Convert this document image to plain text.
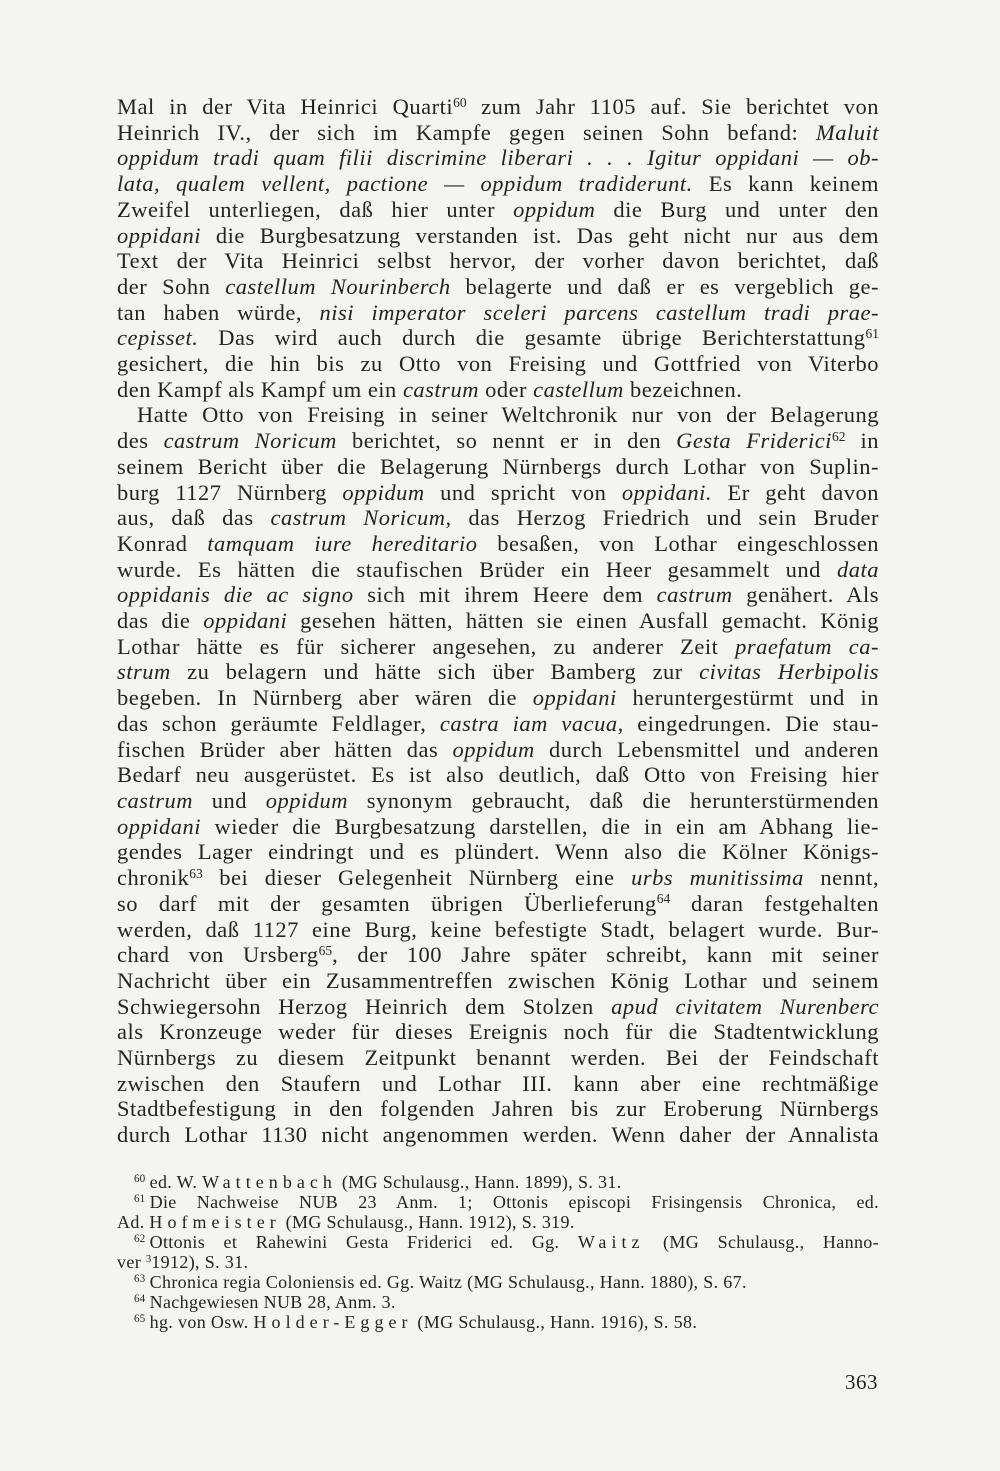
Mal in der Vita Heinrici Quarti$^{60}$ zum Jahr 1105 auf. Sie berichtet von
Heinrich IV., der sich im Kampfe gegen seinen Sohn befand: Maluit
oppidum tradi quam filii discrimine liberari . . . Igitur oppidani — ob-
lata, qualem vellent, pactione — oppidum tradiderunt. Es kann keinem
Zweifel unterliegen, daß hier unter oppidum die Burg und unter den
oppidani die Burgbesatzung verstanden ist. Das geht nicht nur aus dem
Text der Vita Heinrici selbst hervor, der vorher davon berichtet, daß
der Sohn castellum Nourinberch belagerte und daß er es vergeblich ge-
tan haben würde, nisi imperator sceleri parcens castellum tradi prae-
cepisset. Das wird auch durch die gesamte übrige Berichterstattung$^{61}$
gesichert, die hin bis zu Otto von Freising und Gottfried von Viterbo
den Kampf als Kampf um ein castrum oder castellum bezeichnen.
Hatte Otto von Freising in seiner Weltchronik nur von der Belagerung
des castrum Noricum berichtet, so nennt er in den Gesta Friderici$^{62}$ in
seinem Bericht über die Belagerung Nürnbergs durch Lothar von Suplin-
burg 1127 Nürnberg oppidum und spricht von oppidani. Er geht davon
aus, daß das castrum Noricum, das Herzog Friedrich und sein Bruder
Konrad tamquam iure hereditario besaßen, von Lothar eingeschlossen
wurde. Es hätten die staufischen Brüder ein Heer gesammelt und data
oppidanis die ac signo sich mit ihrem Heere dem castrum genähert. Als
das die oppidani gesehen hätten, hätten sie einen Ausfall gemacht. König
Lothar hätte es für sicherer angesehen, zu anderer Zeit praefatum ca-
strum zu belagern und hätte sich über Bamberg zur civitas Herbipolis
begeben. In Nürnberg aber wären die oppidani heruntergestürmt und in
das schon geräumte Feldlager, castra iam vacua, eingedrungen. Die stau-
fischen Brüder aber hätten das oppidum durch Lebensmittel und anderen
Bedarf neu ausgerüstet. Es ist also deutlich, daß Otto von Freising hier
castrum und oppidum synonym gebraucht, daß die herunterstürmenden
oppidani wieder die Burgbesatzung darstellen, die in ein am Abhang lie-
gendes Lager eindringt und es plündert. Wenn also die Kölner Königs-
chronik$^{63}$ bei dieser Gelegenheit Nürnberg eine urbs munitissima nennt,
so darf mit der gesamten übrigen Überlieferung$^{64}$ daran festgehalten
werden, daß 1127 eine Burg, keine befestigte Stadt, belagert wurde. Bur-
chard von Ursberg$^{65}$, der 100 Jahre später schreibt, kann mit seiner
Nachricht über ein Zusammentreffen zwischen König Lothar und seinem
Schwiegersohn Herzog Heinrich dem Stolzen apud civitatem Nurenberc
als Kronzeuge weder für dieses Ereignis noch für die Stadtentwicklung
Nürnbergs zu diesem Zeitpunkt benannt werden. Bei der Feindschaft
zwischen den Staufern und Lothar III. kann aber eine rechtmäßige
Stadtbefestigung in den folgenden Jahren bis zur Eroberung Nürnbergs
durch Lothar 1130 nicht angenommen werden. Wenn daher der Annalista
$^{60}$ ed. W. Wattenbach (MG Schulausg., Hann. 1899), S. 31.
$^{61}$ Die Nachweise NUB 23 Anm. 1; Ottonis episcopi Frisingensis Chronica, ed.
Ad. Hofmeister (MG Schulausg., Hann. 1912), S. 319.
$^{62}$ Ottonis et Rahewini Gesta Friderici ed. Gg. Waitz (MG Schulausg., Hanno-
ver $^3$1912), S. 31.
$^{63}$ Chronica regia Coloniensis ed. Gg. Waitz (MG Schulausg., Hann. 1880), S. 67.
$^{64}$ Nachgewiesen NUB 28, Anm. 3.
$^{65}$ hg. von Osw. Holder-Egger (MG Schulausg., Hann. 1916), S. 58.
363
